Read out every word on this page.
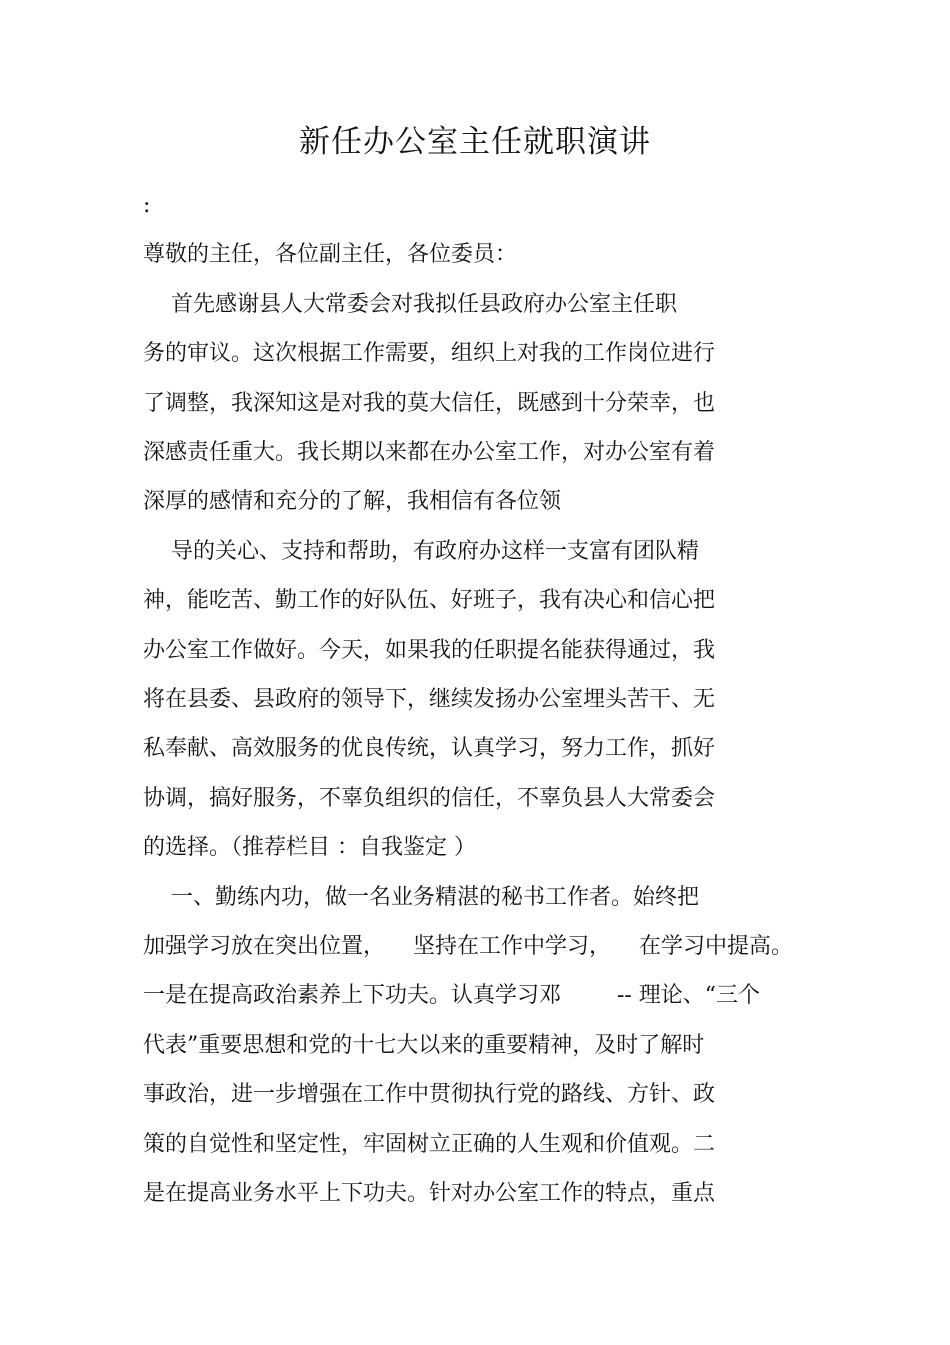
新任办公室主任就职演讲
:
尊敬的主任，各位副主任，各位委员：
首先感谢县人大常委会对我拟任县政府办公室主任职
务的审议。这次根据工作需要，组织上对我的工作岗位进行
了调整，我深知这是对我的莫大信任，既感到十分荣幸，也
深感责任重大。我长期以来都在办公室工作，对办公室有着
深厚的感情和充分的了解，我相信有各位领
导的关心、支持和帮助，有政府办这样一支富有团队精
神，能吃苦、勤工作的好队伍、好班子，我有决心和信心把
办公室工作做好。今天，如果我的任职提名能获得通过，我
将在县委、县政府的领导下，继续发扬办公室埋头苦干、无
私奉献、高效服务的优良传统，认真学习，努力工作，抓好
协调，搞好服务，不辜负组织的信任，不辜负县人大常委会
的选择。（推荐栏目 ：自我鉴定 ）
一、勤练内功，做一名业务精湛的秘书工作者。始终把
加强学习放在突出位置，    坚持在工作中学习，    在学习中提高。
一是在提高政治素养上下功夫。认真学习邓        -- 理论、“三个
代表”重要思想和党的十七大以来的重要精神，及时了解时
事政治，进一步增强在工作中贯彻执行党的路线、方针、政
策的自觉性和坚定性，牢固树立正确的人生观和价值观。二
是在提高业务水平上下功夫。针对办公室工作的特点，重点
